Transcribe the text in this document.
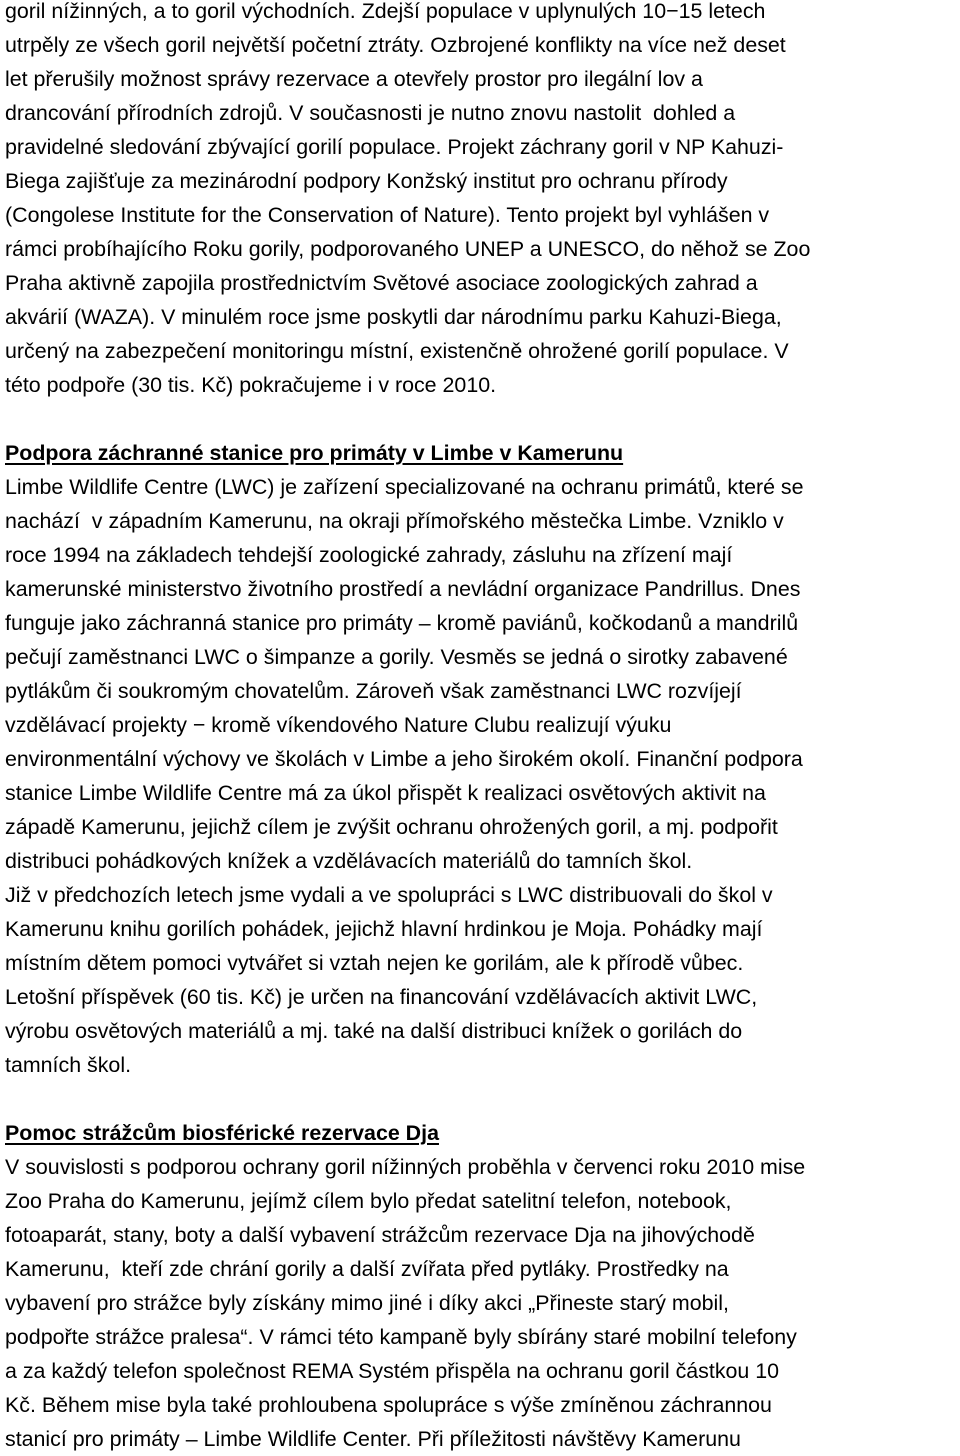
goril nížinných, a to goril východních. Zdejší populace v uplynulých 10−15 letech
utrpěly ze všech goril největší početní ztráty. Ozbrojené konflikty na více než deset
let přerušily možnost správy rezervace a otevřely prostor pro ilegální lov a
drancování přírodních zdrojů. V současnosti je nutno znovu nastolit  dohled a
pravidelné sledování zbývající gorilí populace. Projekt záchrany goril v NP Kahuzi-
Biega zajišťuje za mezinárodní podpory Konžský institut pro ochranu přírody
(Congolese Institute for the Conservation of Nature). Tento projekt byl vyhlášen v
rámci probíhajícího Roku gorily, podporovaného UNEP a UNESCO, do něhož se Zoo
Praha aktivně zapojila prostřednictvím Světové asociace zoologických zahrad a
akvárií (WAZA). V minulém roce jsme poskytli dar národnímu parku Kahuzi-Biega,
určený na zabezpečení monitoringu místní, existenčně ohrožené gorilí populace. V
této podpoře (30 tis. Kč) pokračujeme i v roce 2010.
Podpora záchranné stanice pro primáty v Limbe v Kamerunu
Limbe Wildlife Centre (LWC) je zařízení specializované na ochranu primátů, které se
nachází  v západním Kamerunu, na okraji přímořského městečka Limbe. Vzniklo v
roce 1994 na základech tehdejší zoologické zahrady, zásluhu na zřízení mají
kamerunské ministerstvo životního prostředí a nevládní organizace Pandrillus. Dnes
funguje jako záchranná stanice pro primáty – kromě paviánů, kočkodanů a mandrilů
pečují zaměstnanci LWC o šimpanze a gorily. Vesměs se jedná o sirotky zabavené
pytlákům či soukromým chovatelům. Zároveň však zaměstnanci LWC rozvíjejí
vzdělávací projekty − kromě víkendového Nature Clubu realizují výuku
environmentální výchovy ve školách v Limbe a jeho širokém okolí. Finanční podpora
stanice Limbe Wildlife Centre má za úkol přispět k realizaci osvětových aktivit na
západě Kamerunu, jejichž cílem je zvýšit ochranu ohrožených goril, a mj. podpořit
distribuci pohádkových knížek a vzdělávacích materiálů do tamních škol.
Již v předchozích letech jsme vydali a ve spolupráci s LWC distribuovali do škol v
Kamerunu knihu gorilích pohádek, jejichž hlavní hrdinkou je Moja. Pohádky mají
místním dětem pomoci vytvářet si vztah nejen ke gorilám, ale k přírodě vůbec.
Letošní příspěvek (60 tis. Kč) je určen na financování vzdělávacích aktivit LWC,
výrobu osvětových materiálů a mj. také na další distribuci knížek o gorilách do
tamních škol.
Pomoc strážcům biosférické rezervace Dja
V souvislosti s podporou ochrany goril nížinných proběhla v červenci roku 2010 mise
Zoo Praha do Kamerunu, jejímž cílem bylo předat satelitní telefon, notebook,
fotoaparát, stany, boty a další vybavení strážcům rezervace Dja na jihovýchodě
Kamerunu,  kteří zde chrání gorily a další zvířata před pytláky. Prostředky na
vybavení pro strážce byly získány mimo jiné i díky akci „Přineste starý mobil,
podpořte strážce pralesa“. V rámci této kampaně byly sbírány staré mobilní telefony
a za každý telefon společnost REMA Systém přispěla na ochranu goril částkou 10
Kč. Během mise byla také prohloubena spolupráce s výše zmíněnou záchrannou
stanicí pro primáty – Limbe Wildlife Center. Při příležitosti návštěvy Kamerunu
